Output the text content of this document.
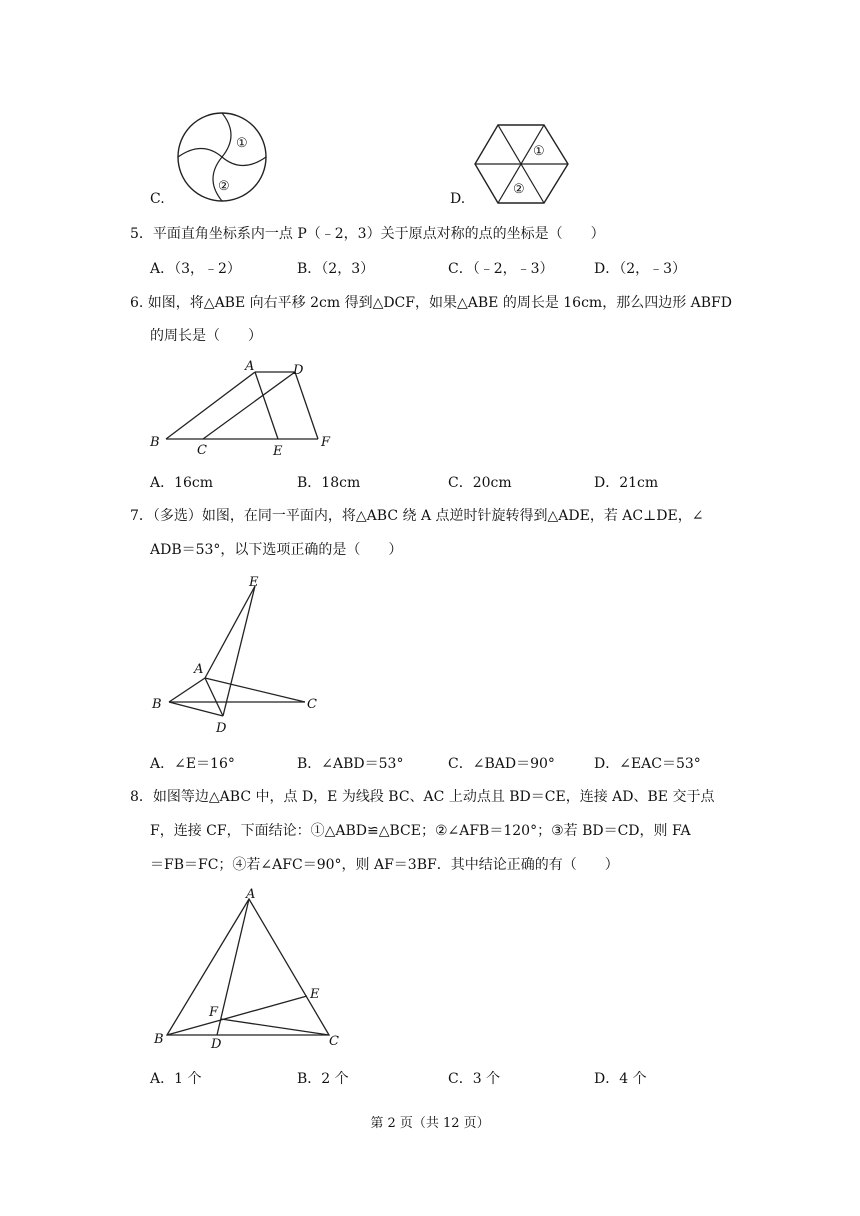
①
②
C.
①
②
D.
5．平面直角坐标系内一点 P（﹣2，3）关于原点对称的点的坐标是（　　）
A．（3，﹣2）	B．（2，3）	C．（﹣2，﹣3）	D．（2，﹣3）
6. 如图，将△ABE 向右平移 2cm 得到△DCF，如果△ABE 的周长是 16cm，那么四边形 ABFD
的周长是（　　）
A	D
B
C	E
F
A．16cm	B．18cm	C．20cm	D．21cm
7．（多选）如图，在同一平面内，将△ABC 绕 A 点逆时针旋转得到△ADE，若 AC⊥DE，∠
ADB＝53°，以下选项正确的是（　　）
E
A
B	C
D
A．∠E＝16°	B．∠ABD＝53°	C．∠BAD＝90°	D．∠EAC＝53°
8．如图等边△ABC 中，点 D，E 为线段 BC、AC 上动点且 BD＝CE，连接 AD、BE 交于点
F，连接 CF，下面结论：①△ABD≌△BCE；②∠AFB＝120°；③若 BD＝CD，则 FA
＝FB＝FC；④若∠AFC＝90°，则 AF＝3BF．其中结论正确的有（　　）
A
E
F
B	D	C
A．1 个	B．2 个	C．3 个	D．4 个
第 2 页（共 12 页）
